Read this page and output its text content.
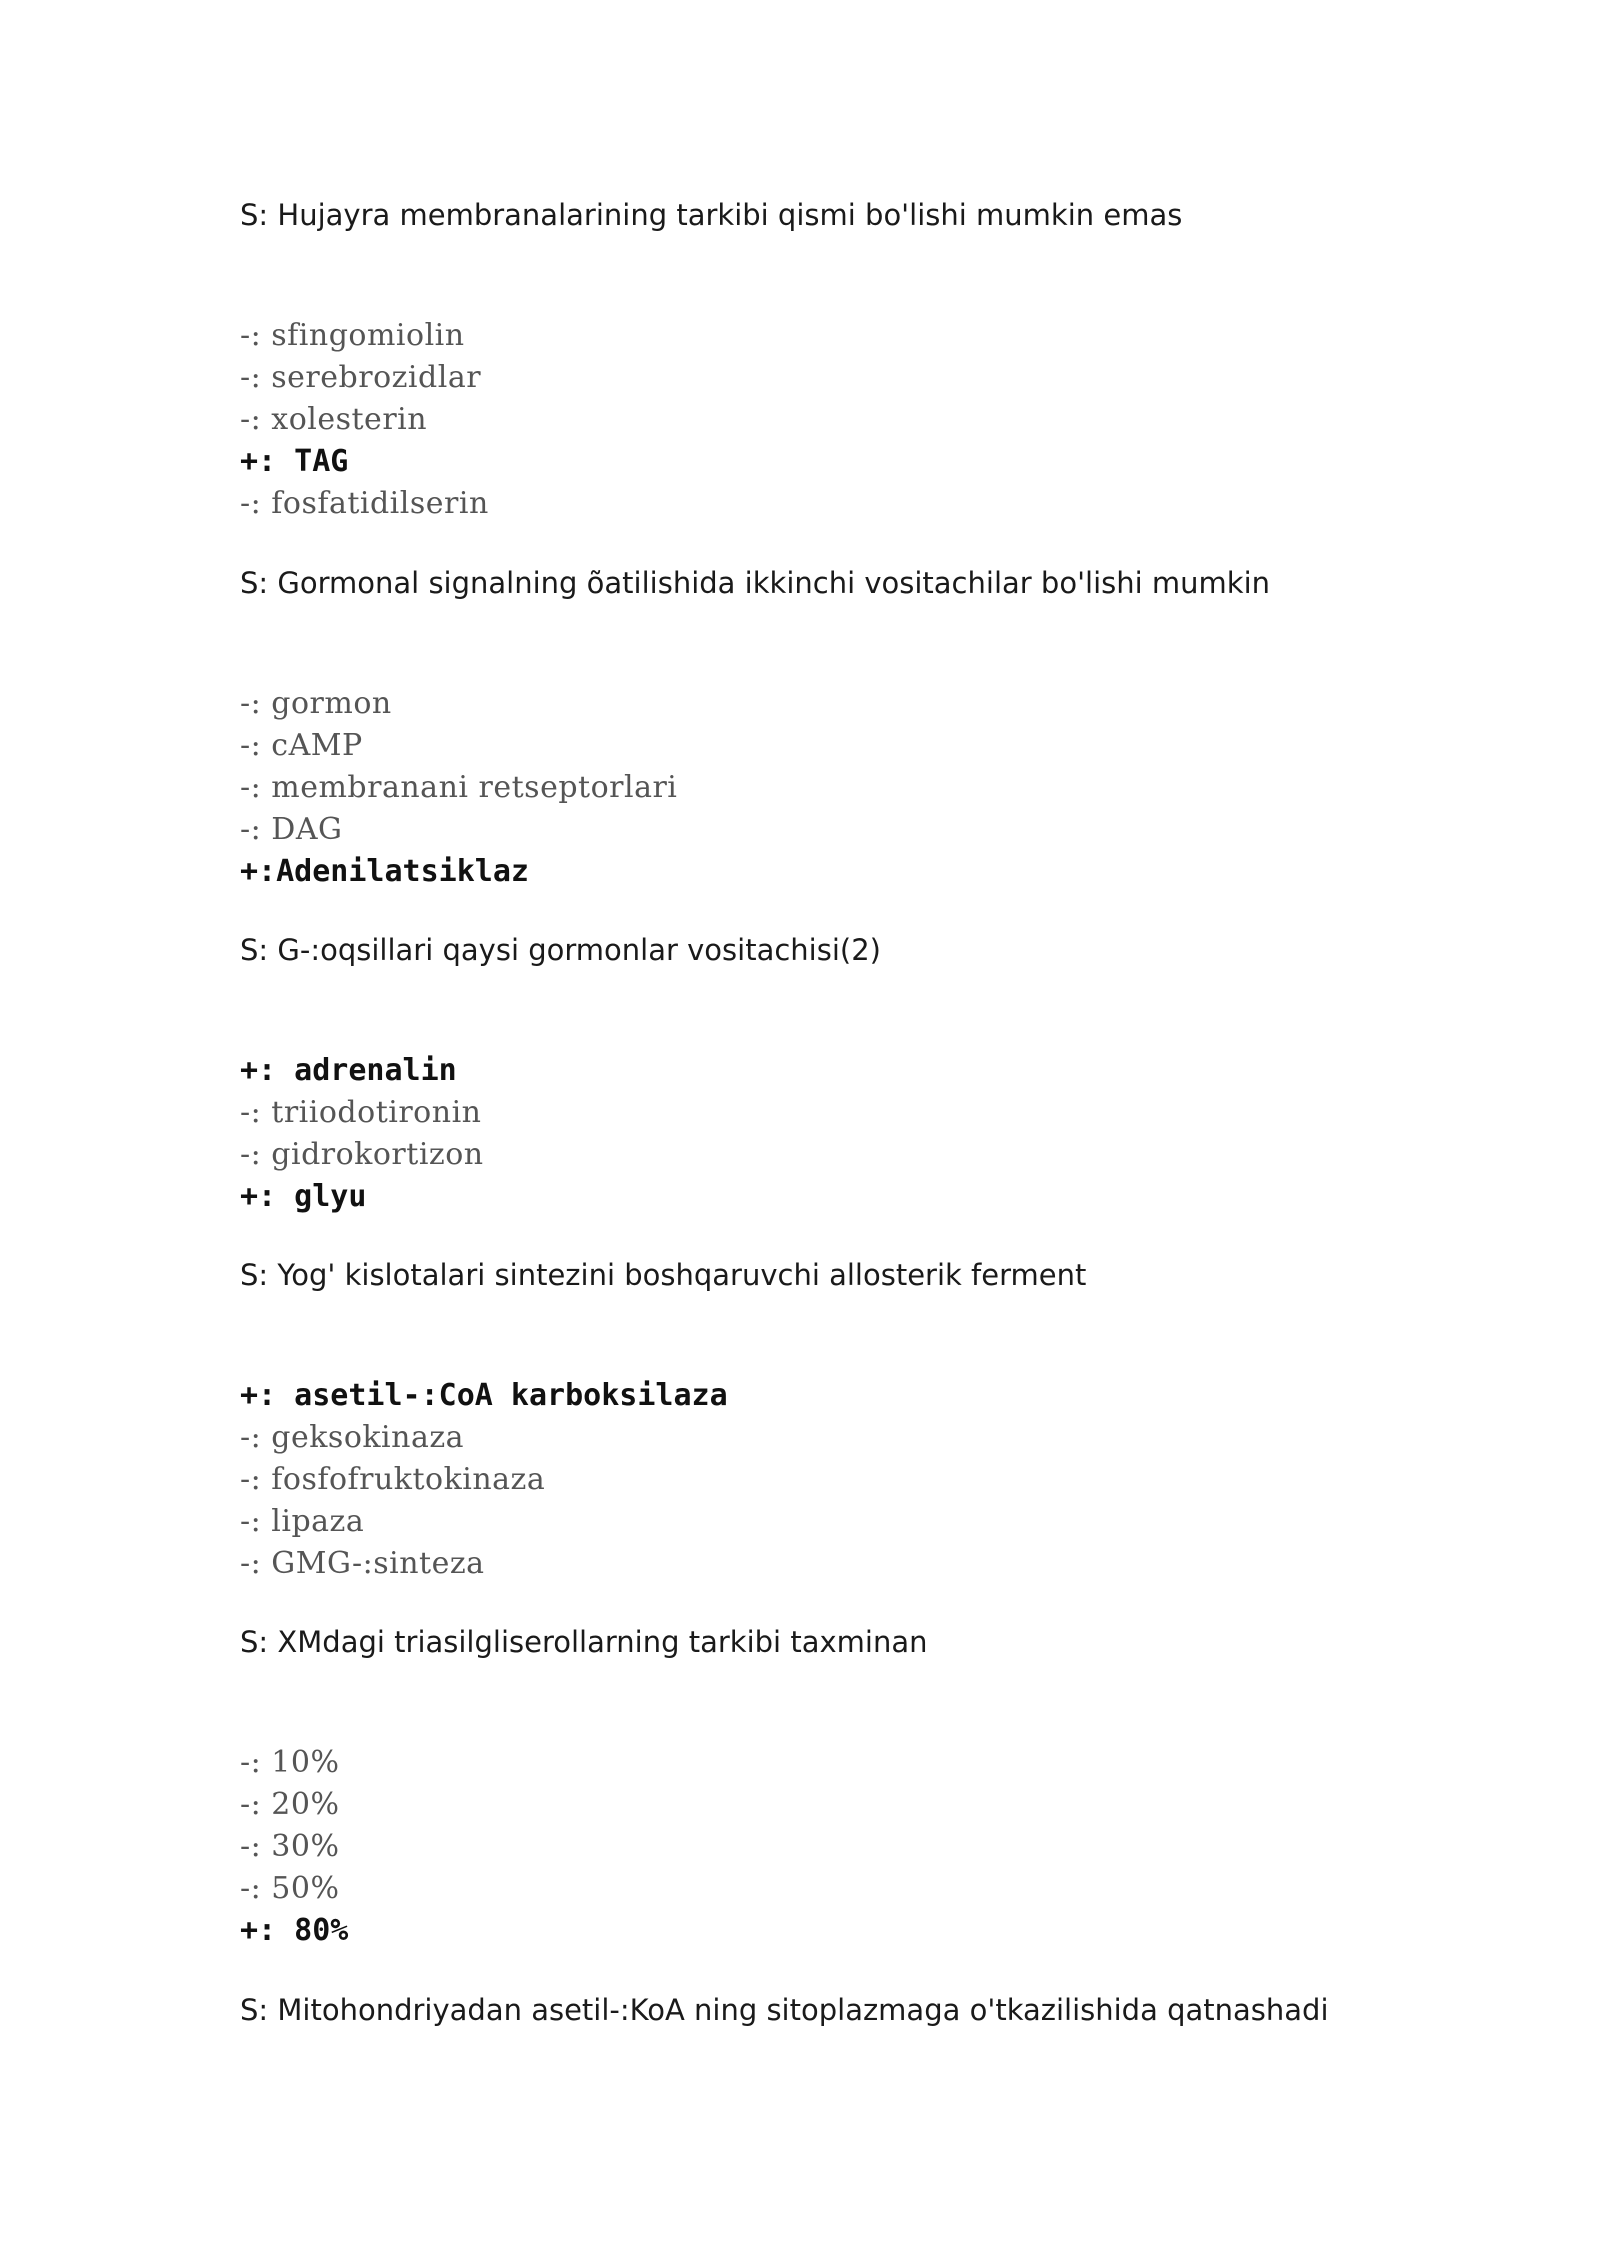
S: Hujayra membranalarining tarkibi qismi bo'lishi mumkin emas
-: sfingomiolin
-: serebrozidlar
-: xolesterin
+: TAG
-: fosfatidilserin
S: Gormonal signalning õatilishida ikkinchi vositachilar bo'lishi mumkin
-: gormon
-: cAMP
-: membranani retseptorlari
-: DAG
+:Adenilatsiklaz
S: G-:oqsillari qaysi gormonlar vositachisi(2)
+: adrenalin
-: triiodotironin
-: gidrokortizon
+: glyu
S: Yog' kislotalari sintezini boshqaruvchi allosterik ferment
+: asetil-:CoA karboksilaza
-: geksokinaza
-: fosfofruktokinaza
-: lipaza
-: GMG-:sinteza
S: XMdagi triasilgliserollarning tarkibi taxminan
-: 10%
-: 20%
-: 30%
-: 50%
+: 80%
S: Mitohondriyadan asetil-:KoA ning sitoplazmaga o'tkazilishida qatnashadi
